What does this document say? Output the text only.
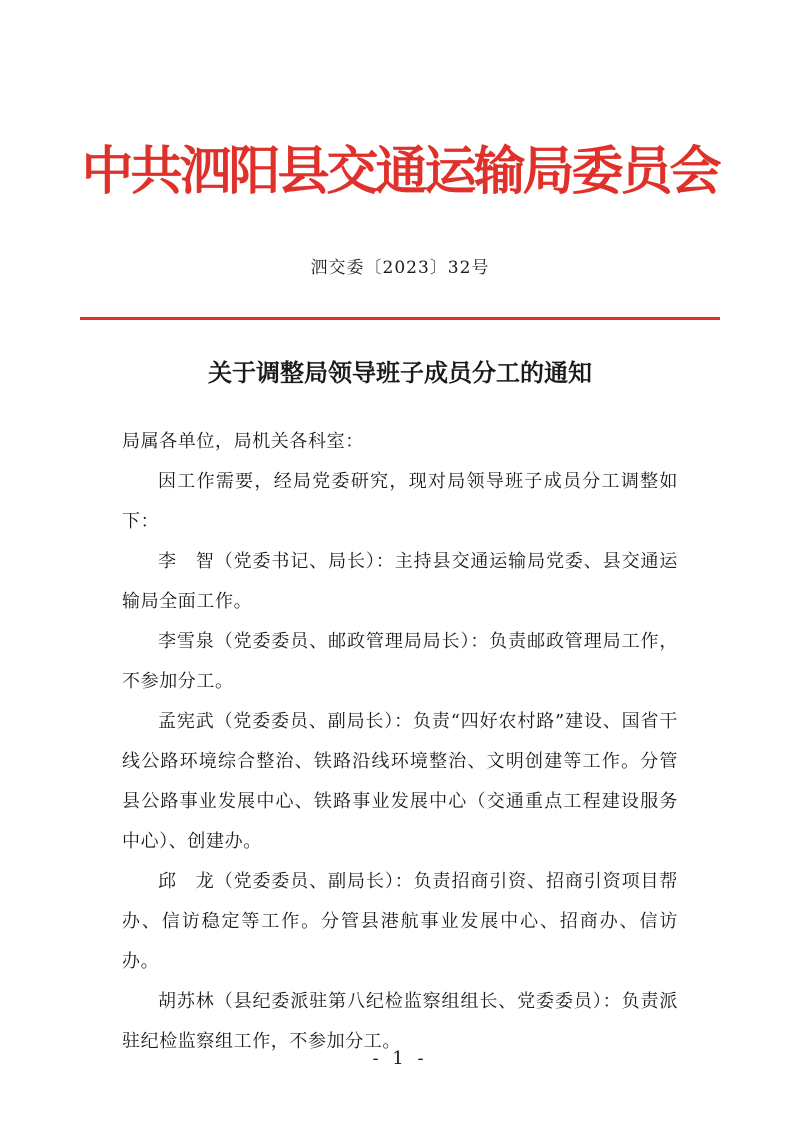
中共泗阳县交通运输局委员会
泗交委〔2023〕32号
关于调整局领导班子成员分工的通知

局属各单位，局机关各科室：

因工作需要，经局党委研究，现对局领导班子成员分工调整如下：

李　智（党委书记、局长）：主持县交通运输局党委、县交通运输局全面工作。

李雪泉（党委委员、邮政管理局局长）：负责邮政管理局工作，不参加分工。

孟宪武（党委委员、副局长）：负责“四好农村路”建设、国省干线公路环境综合整治、铁路沿线环境整治、文明创建等工作。分管县公路事业发展中心、铁路事业发展中心（交通重点工程建设服务中心）、创建办。

邱　龙（党委委员、副局长）：负责招商引资、招商引资项目帮办、信访稳定等工作。分管县港航事业发展中心、招商办、信访办。

胡苏林（县纪委派驻第八纪检监察组组长、党委委员）：负责派驻纪检监察组工作，不参加分工。

- 1 -
